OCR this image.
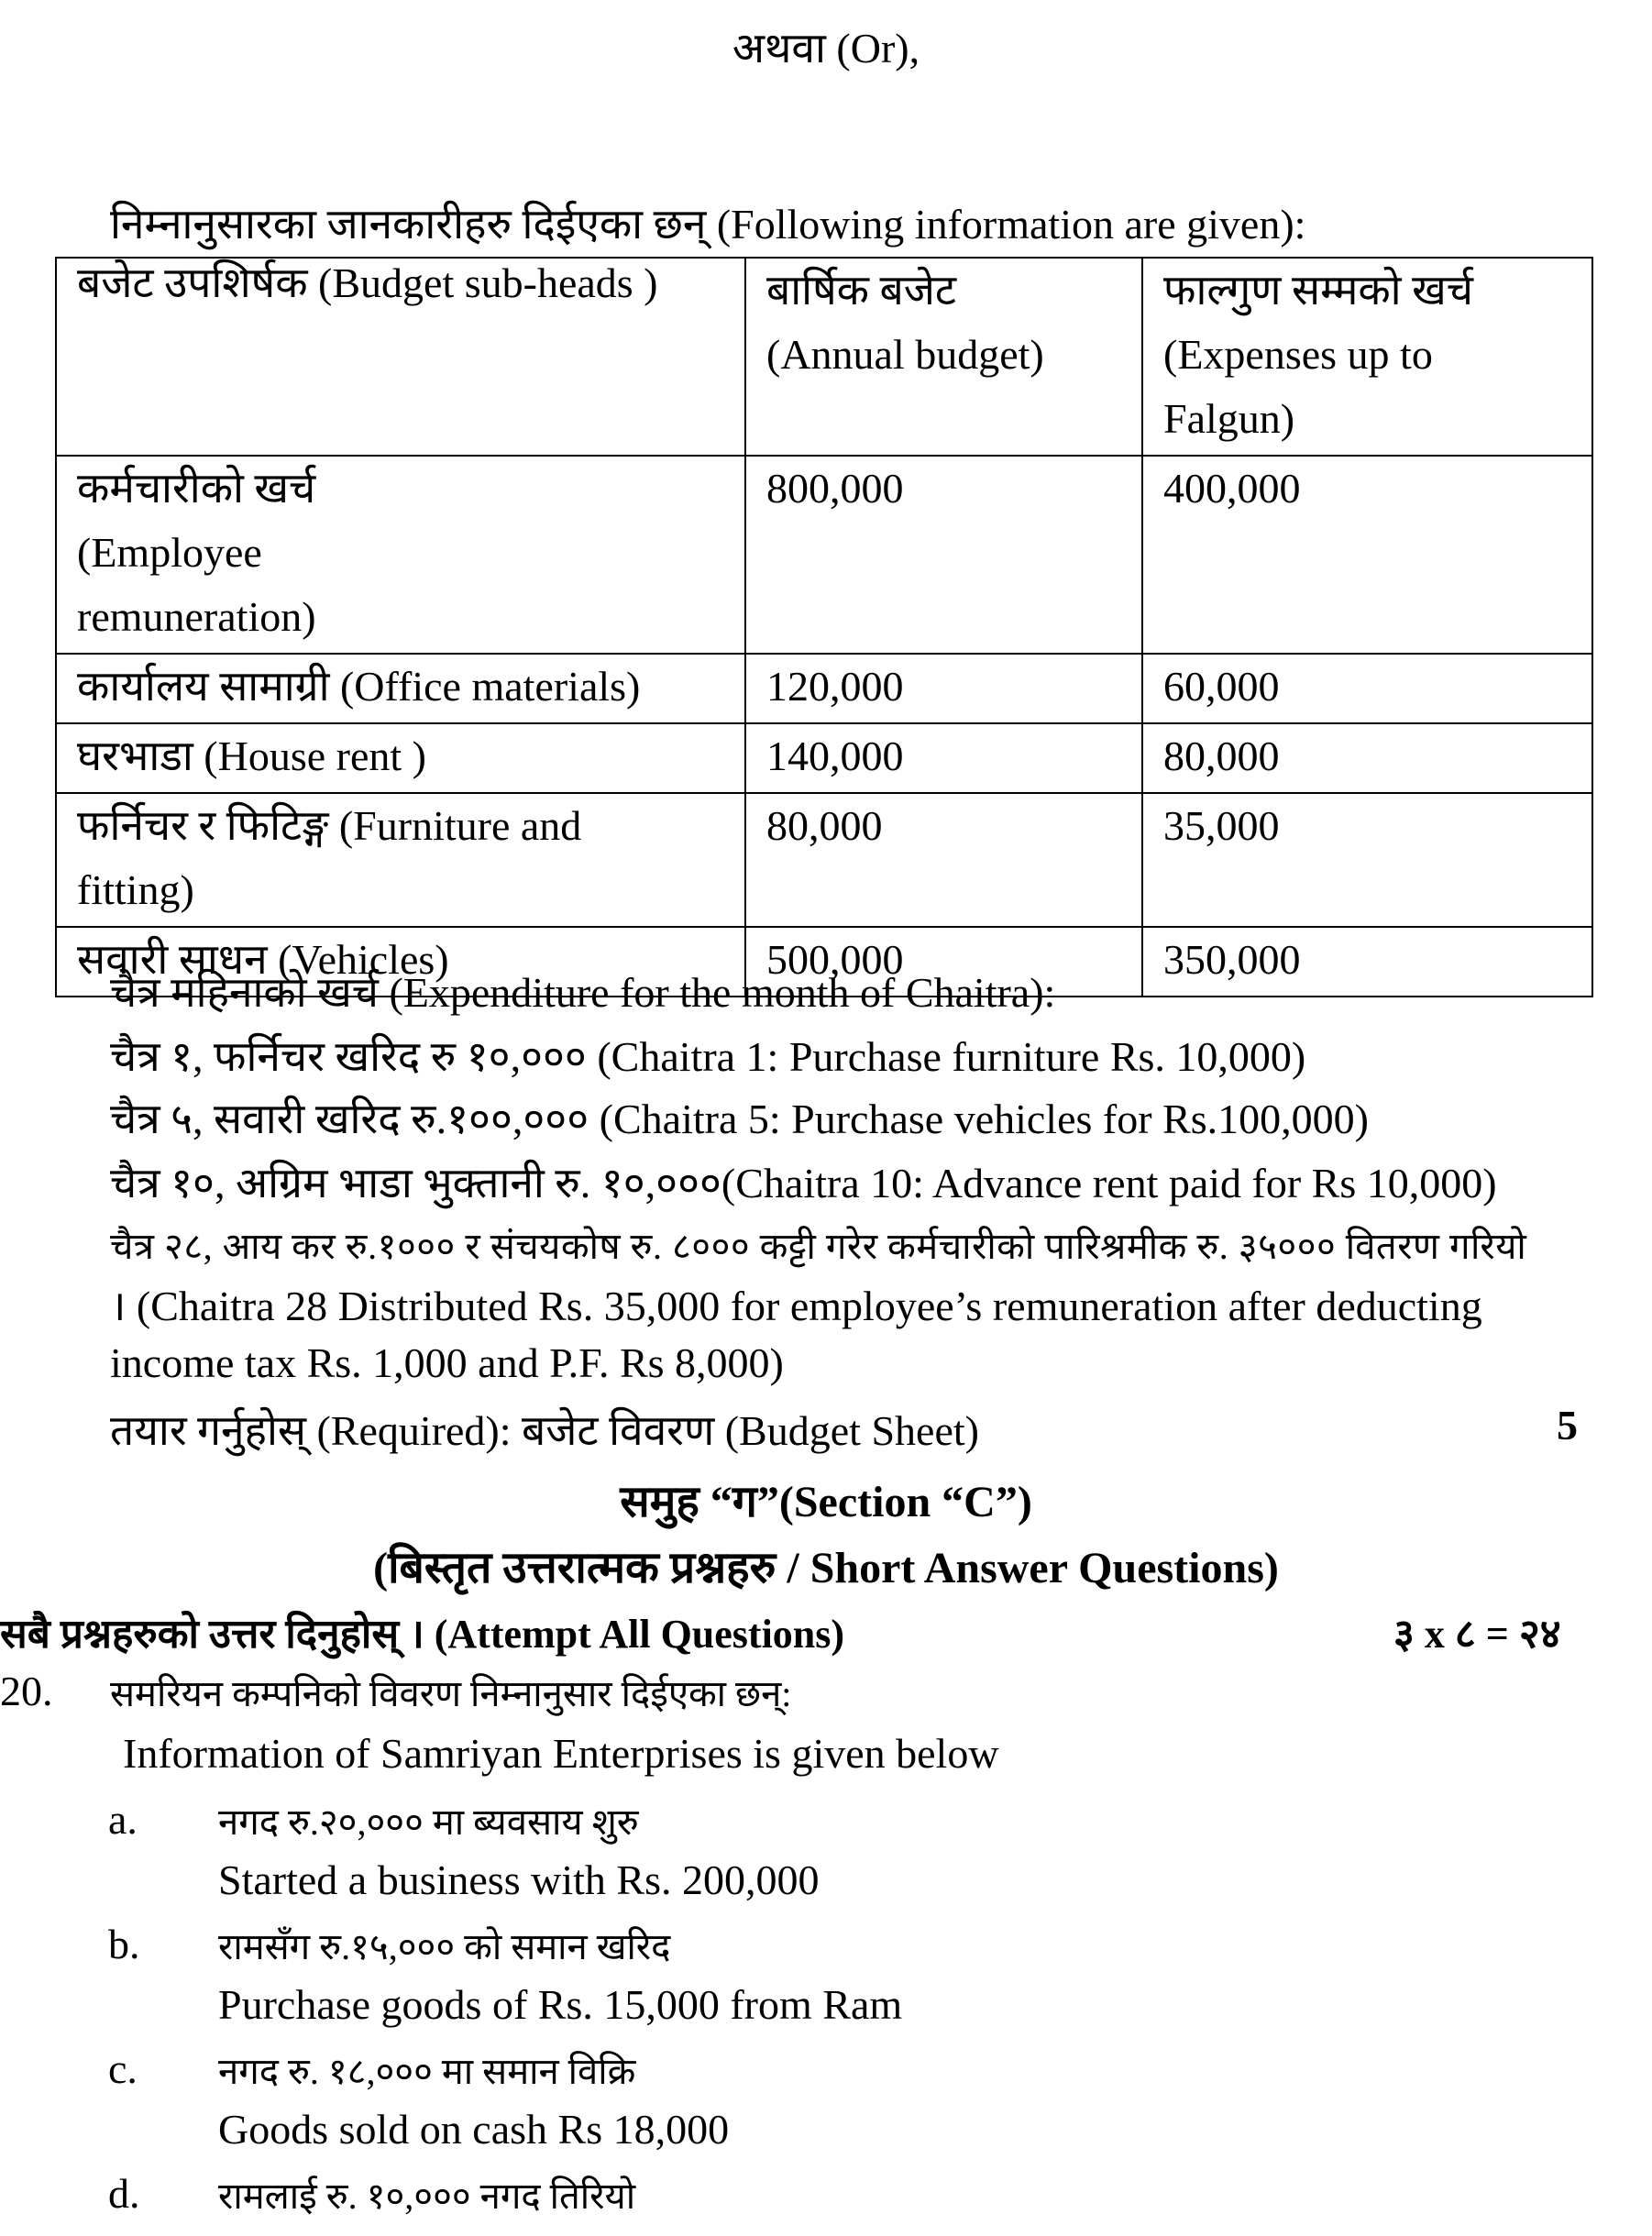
अथवा (Or),
निम्नानुसारका जानकारीहरु दिईएका छन् (Following information are given):
बजेट उपशिर्षक (Budget sub-heads )	बार्षिक बजेट (Annual budget)	फाल्गुण सम्मको खर्च (Expenses up to Falgun)
कर्मचारीको खर्च (Employee remuneration)	800,000	400,000
कार्यालय सामाग्री (Office materials)	120,000	60,000
घरभाडा (House rent )	140,000	80,000
फर्निचर र फिटिङ्ग (Furniture and fitting)	80,000	35,000
सवारी साधन (Vehicles)	500,000	350,000
चैत्र महिनाको खर्च (Expenditure for the month of Chaitra):
चैत्र १, फर्निचर खरिद रु १०,००० (Chaitra 1: Purchase furniture Rs. 10,000)
चैत्र ५, सवारी खरिद रु.१००,००० (Chaitra 5: Purchase vehicles for Rs.100,000)
चैत्र १०, अग्रिम भाडा भुक्तानी रु. १०,०००(Chaitra 10: Advance rent paid for Rs 10,000)
चैत्र २८, आय कर रु.१००० र संचयकोष रु. ८००० कट्टी गरेर कर्मचारीको पारिश्रमीक रु. ३५००० वितरण गरियो
। (Chaitra 28 Distributed Rs. 35,000 for employee’s remuneration after deducting
income tax Rs. 1,000 and P.F. Rs 8,000)
तयार गर्नुहोस् (Required): बजेट विवरण (Budget Sheet)	5
समुह “ग”(Section “C”)
(बिस्तृत उत्तरात्मक प्रश्नहरु / Short Answer Questions)
सबै प्रश्नहरुको उत्तर दिनुहोस् । (Attempt All Questions)	३ x ८ = २४
20. समरियन कम्पनिको विवरण निम्नानुसार दिईएका छन्:
Information of Samriyan Enterprises is given below
a. नगद रु.२०,००० मा ब्यवसाय शुरु
Started a business with Rs. 200,000
b. रामसँग रु.१५,००० को समान खरिद
Purchase goods of Rs. 15,000 from Ram
c. नगद रु. १८,००० मा समान विक्रि
Goods sold on cash Rs 18,000
d. रामलाई रु. १०,००० नगद तिरियो
